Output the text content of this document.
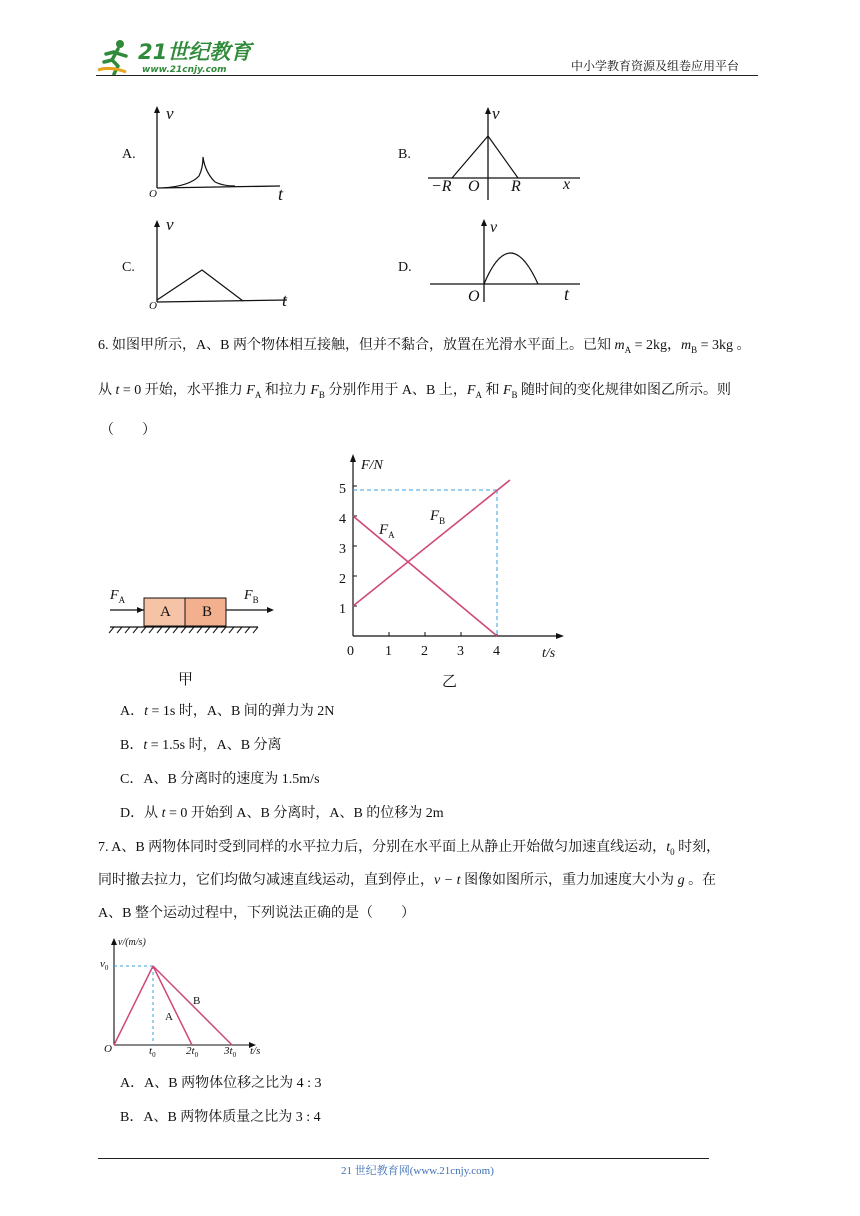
21世纪教育
www.21cnjy.com	中小学教育资源及组卷应用平台
A.
v
O	t
B.
v
−R O R	x
C.
v
O	t
D.
v
O	t
6. 如图甲所示，A、B 两个物体相互接触，但并不黏合，放置在光滑水平面上。已知 $m_A = 2kg$，$m_B = 3kg$ 。
从 t = 0 开始，水平推力 $F_A$ 和拉力 $F_B$ 分别作用于 A、B 上，$F_A$ 和 $F_B$ 随时间的变化规律如图乙所示。则
（　　）
$F_A$	$F_B$
A B
甲
F/N
5
4
3
2
1
0 1 2 3 4	t/s
$F_A$
$F_B$
乙
A．t = 1s 时，A、B 间的弹力为 2N
B．t = 1.5s 时，A、B 分离
C．A、B 分离时的速度为 1.5m/s
D．从 t = 0 开始到 A、B 分离时，A、B 的位移为 2m
7. A、B 两物体同时受到同样的水平拉力后，分别在水平面上从静止开始做匀加速直线运动，$t_0$ 时刻，
同时撤去拉力，它们均做匀减速直线运动，直到停止，v − t 图像如图所示，重力加速度大小为 g 。在
A、B 整个运动过程中，下列说法正确的是（　　）
v/(m/s)
$v_0$
O	$t_0$	$2t_0$ $3t_0$ t/s
A
B
A．A、B 两物体位移之比为 4 : 3
B．A、B 两物体质量之比为 3 : 4
21 世纪教育网(www.21cnjy.com)
